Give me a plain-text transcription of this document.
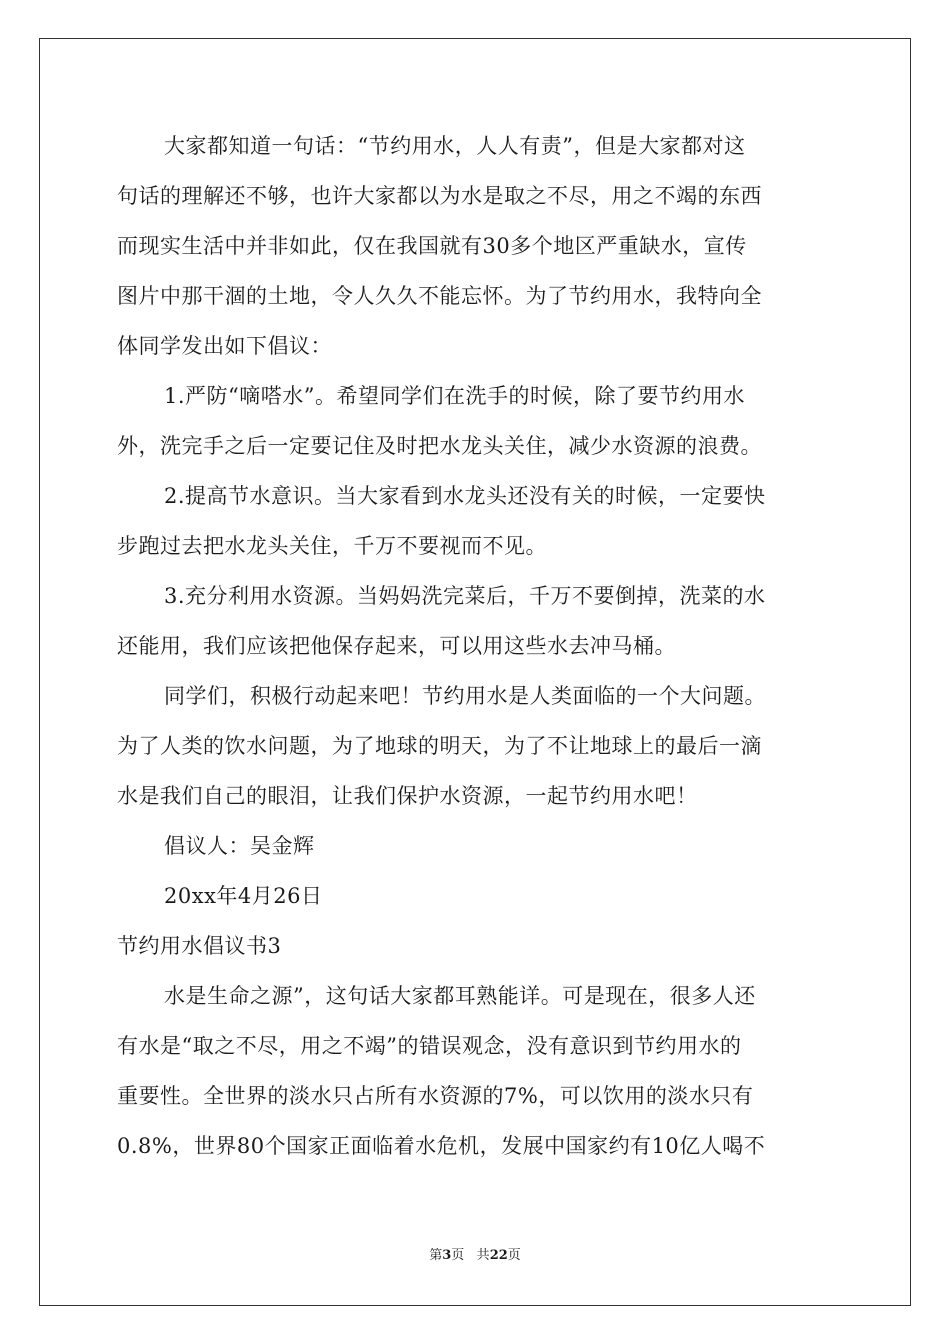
大家都知道一句话：“节约用水，人人有责”，但是大家都对这
句话的理解还不够，也许大家都以为水是取之不尽，用之不竭的东西
而现实生活中并非如此，仅在我国就有30多个地区严重缺水，宣传
图片中那干涸的土地，令人久久不能忘怀。为了节约用水，我特向全
体同学发出如下倡议：
1.严防“嘀嗒水”。希望同学们在洗手的时候，除了要节约用水
外，洗完手之后一定要记住及时把水龙头关住，减少水资源的浪费。
2.提高节水意识。当大家看到水龙头还没有关的时候，一定要快
步跑过去把水龙头关住，千万不要视而不见。
3.充分利用水资源。当妈妈洗完菜后，千万不要倒掉，洗菜的水
还能用，我们应该把他保存起来，可以用这些水去冲马桶。
同学们，积极行动起来吧！节约用水是人类面临的一个大问题。
为了人类的饮水问题，为了地球的明天，为了不让地球上的最后一滴
水是我们自己的眼泪，让我们保护水资源，一起节约用水吧！
倡议人：吴金辉
20xx年4月26日
节约用水倡议书3
水是生命之源”，这句话大家都耳熟能详。可是现在，很多人还
有水是“取之不尽，用之不竭”的错误观念，没有意识到节约用水的
重要性。全世界的淡水只占所有水资源的7%，可以饮用的淡水只有
0.8%，世界80个国家正面临着水危机，发展中国家约有10亿人喝不
第3页 共22页
